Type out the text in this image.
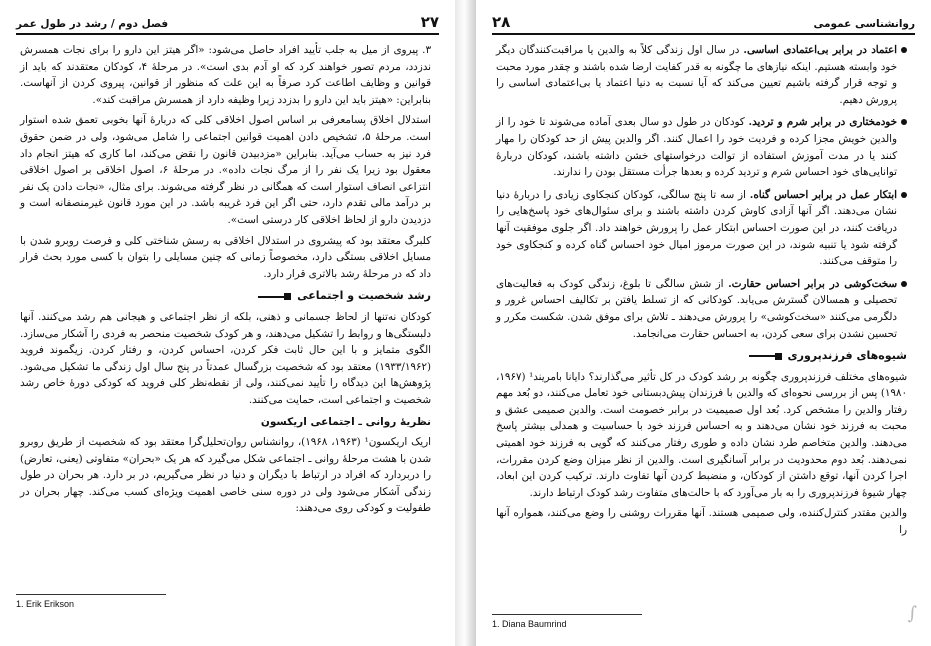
۲۷
فصل دوم / رشد در طول عمر

۳. پیروی از میل به جلب تأیید افراد حاصل می‌شود: «اگر هیتز این دارو را برای نجات همسرش ندزدد، مردم تصور خواهند کرد که او آدم بدی است». در مرحلهٔ ۴، کودکان معتقدند که باید از قوانین و وظایف اطاعت کرد صرفاً به این علت که منظور از قوانین، پیروی کردن از آنهاست. بنابراین: «هیتز باید این دارو را بدزدد زیرا وظیفه دارد از همسرش مراقبت کند».

استدلال اخلاق پسامعرفی بر اساس اصول اخلاقی کلی که دربارهٔ آنها بخوبی تعمق شده استوار است. مرحلهٔ ۵، تشخیص دادن اهمیت قوانین اجتماعی را شامل می‌شود، ولی در ضمن حقوق فرد نیز به حساب می‌آید. بنابراین «مزدبیدن قانون را نقض می‌کند، اما کاری که هیتز انجام داد معقول بود زیرا یک نفر را از مرگ نجات داده». در مرحلهٔ ۶، اصول اخلاقی بر اصول اخلاقی انتزاعی انصاف استوار است که همگانی در نظر گرفته می‌شوند. برای مثال، «نجات دادن یک نفر بر درآمد مالی تقدم دارد، حتی اگر این فرد غریبه باشد. در این مورد قانون غیرمنصفانه است و دزدیدن دارو از لحاظ اخلاقی کار درستی است».

کلبرگ معتقد بود که پیشروی در استدلال اخلاقی به رسش شناختی کلی و فرصت روبرو شدن با مسایل اخلاقی بستگی دارد، مخصوصاً زمانی که چنین مسایلی را بتوان با کسی مورد بحث قرار داد که در مرحلهٔ رشد بالاتری قرار دارد.

رشد شخصیت و اجتماعی

کودکان نه‌تنها از لحاظ جسمانی و ذهنی، بلکه از نظر اجتماعی و هیجانی هم رشد می‌کنند. آنها دلبستگی‌ها و روابط را تشکیل می‌دهند، و هر کودک شخصیت منحصر به فردی را آشکار می‌سازد. الگوی متمایز و با این حال ثابت فکر کردن، احساس کردن، و رفتار کردن. زیگموند فروید (۱۹۳۳/۱۹۶۲) معتقد بود که شخصیت بزرگسال عمدتاً در پنج سال اول زندگی ما تشکیل می‌شود. پژوهش‌ها این دیدگاه را تأیید نمی‌کنند، ولی از نقطه‌نظر کلی فروید که کودکی دورهٔ خاص رشد شخصیت و اجتماعی است، حمایت می‌کنند.

نظریهٔ روانی ـ اجتماعی اریکسون

اریک اریکسون¹ (۱۹۶۳، ۱۹۶۸)، روانشناس روان‌تحلیل‌گرا معتقد بود که شخصیت از طریق روبرو شدن با هشت مرحلهٔ روانی ـ اجتماعی شکل می‌گیرد که هر یک «بحران» متفاوتی (یعنی، تعارض) را دربردارد که افراد در ارتباط با دیگران و دنیا در نظر می‌گیریم، در بر دارد. هر بحران در طول زندگی آشکار می‌شود ولی در دوره سنی خاصی اهمیت ویژه‌ای کسب می‌کند. چهار بحران در طفولیت و کودکی روی می‌دهند:

1. Erik Erikson
روانشناسی عمومی
۲۸
اعتماد در برابر بی‌اعتمادی اساسی. در سال اول زندگی کلاً به والدین یا مراقبت‌کنندگان دیگر خود وابسته هستیم. اینکه نیازهای ما چگونه به قدر کفایت ارضا شده باشند و چقدر مورد محبت و توجه قرار گرفته باشیم تعیین می‌کند که آیا نسبت به دنیا اعتماد یا بی‌اعتمادی اساسی را پرورش دهیم.
خودمختاری در برابر شرم و تردید. کودکان در طول دو سال بعدی آماده می‌شوند تا خود را از والدین خویش مجزا کرده و فردیت خود را اعمال کنند. اگر والدین پیش از حد کودکان را مهار کنند یا در مدت آموزش استفاده از توالت درخواستهای خشن داشته باشند، کودکان دربارهٔ توانایی‌های خود احساس شرم و تردید کرده و بعدها جرأت مستقل بودن را ندارند.
ابتکار عمل در برابر احساس گناه. از سه تا پنج سالگی، کودکان کنجکاوی زیادی را دربارهٔ دنیا نشان می‌دهند. اگر آنها آزادی کاوش کردن داشته باشند و برای سئوال‌های خود پاسخ‌هایی را دریافت کنند، در این صورت احساس ابتکار عمل را پرورش خواهند داد. اگر جلوی موفقیت آنها گرفته شود یا تنبیه شوند، در این صورت مرموز امیال خود احساس گناه کرده و کنجکاوی خود را متوقف می‌کنند.
سخت‌کوشی در برابر احساس حقارت. از شش سالگی تا بلوغ، زندگی کودک به فعالیت‌های تحصیلی و همسالان گسترش می‌یابد. کودکانی که از تسلط یافتن بر تکالیف احساس غرور و دلگرمی می‌کنند «سخت‌کوشی» را پرورش می‌دهند ـ تلاش برای موفق شدن. شکست مکرر و تحسین نشدن برای سعی کردن، به احساس حقارت می‌انجامد.
شیوه‌های فرزندپروری

شیوه‌های مختلف فرزندپروری چگونه بر رشد کودک در کل تأثیر می‌گذارند؟ دایانا بامریند¹ (۱۹۶۷، ۱۹۸۰) پس از بررسی نحوه‌ای که والدین با فرزندان پیش‌دبستانی خود تعامل می‌کنند، دو بُعد مهم رفتار والدین را مشخص کرد. بُعد اول صمیمیت در برابر خصومت است. والدین صمیمی عشق و محبت به فرزند خود نشان می‌دهند و به احساس فرزند خود با حساسیت و همدلی بیشتر پاسخ می‌دهند. والدین متخاصم طرد نشان داده و طوری رفتار می‌کنند که گویی به فرزند خود اهمیتی نمی‌دهند. بُعد دوم محدودیت در برابر آسانگیری است. والدین از نظر میزان وضع کردن مقررات، اجرا کردن آنها، توقع داشتن از کودکان، و منضبط کردن آنها تفاوت دارند. ترکیب کردن این ابعاد، چهار شیوهٔ فرزندپروری را به بار می‌آورد که با حالت‌های متفاوت رشد کودک ارتباط دارند.

والدین مقتدر کنترل‌کننده، ولی صمیمی هستند. آنها مقررات روشنی را وضع می‌کنند، همواره آنها را

1. Diana Baumrind	∫
